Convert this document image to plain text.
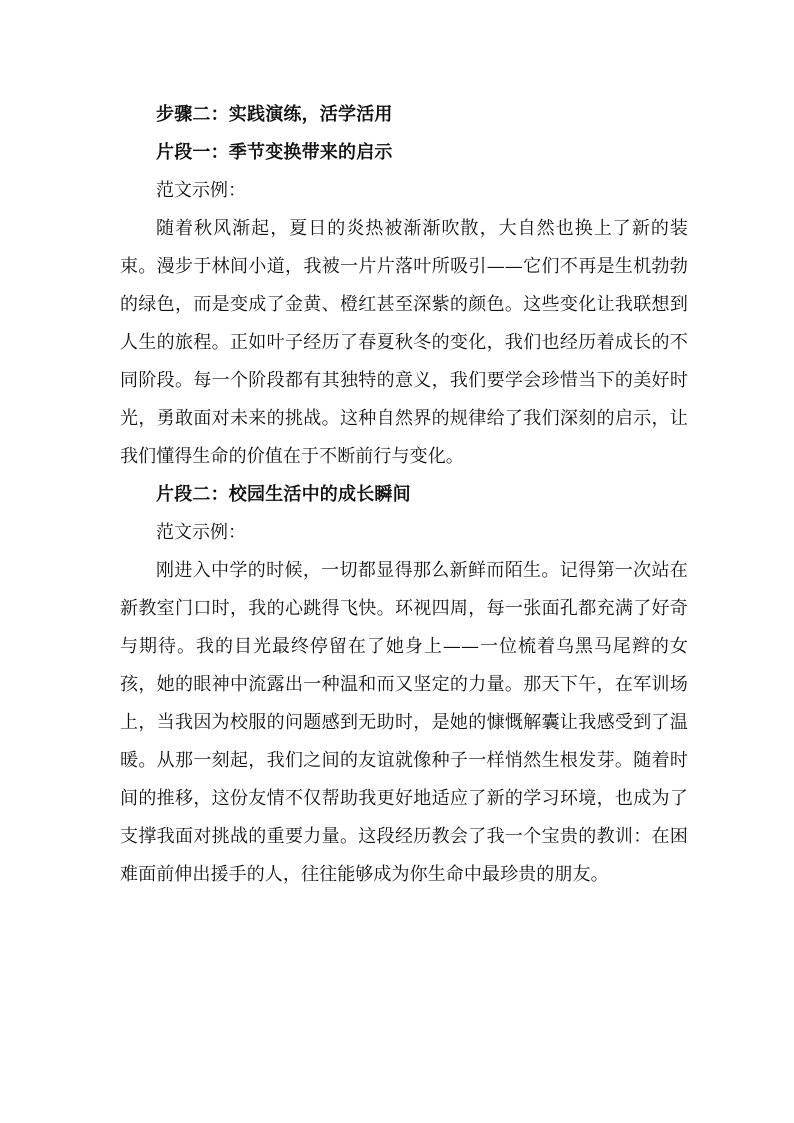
步骤二：实践演练，活学活用

片段一：季节变换带来的启示

范文示例：

随着秋风渐起，夏日的炎热被渐渐吹散，大自然也换上了新的装束。漫步于林间小道，我被一片片落叶所吸引——它们不再是生机勃勃的绿色，而是变成了金黄、橙红甚至深紫的颜色。这些变化让我联想到人生的旅程。正如叶子经历了春夏秋冬的变化，我们也经历着成长的不同阶段。每一个阶段都有其独特的意义，我们要学会珍惜当下的美好时光，勇敢面对未来的挑战。这种自然界的规律给了我们深刻的启示，让我们懂得生命的价值在于不断前行与变化。

片段二：校园生活中的成长瞬间

范文示例：

刚进入中学的时候，一切都显得那么新鲜而陌生。记得第一次站在新教室门口时，我的心跳得飞快。环视四周，每一张面孔都充满了好奇与期待。我的目光最终停留在了她身上——一位梳着乌黑马尾辫的女孩，她的眼神中流露出一种温和而又坚定的力量。那天下午，在军训场上，当我因为校服的问题感到无助时，是她的慷慨解囊让我感受到了温暖。从那一刻起，我们之间的友谊就像种子一样悄然生根发芽。随着时间的推移，这份友情不仅帮助我更好地适应了新的学习环境，也成为了支撑我面对挑战的重要力量。这段经历教会了我一个宝贵的教训：在困难面前伸出援手的人，往往能够成为你生命中最珍贵的朋友。
